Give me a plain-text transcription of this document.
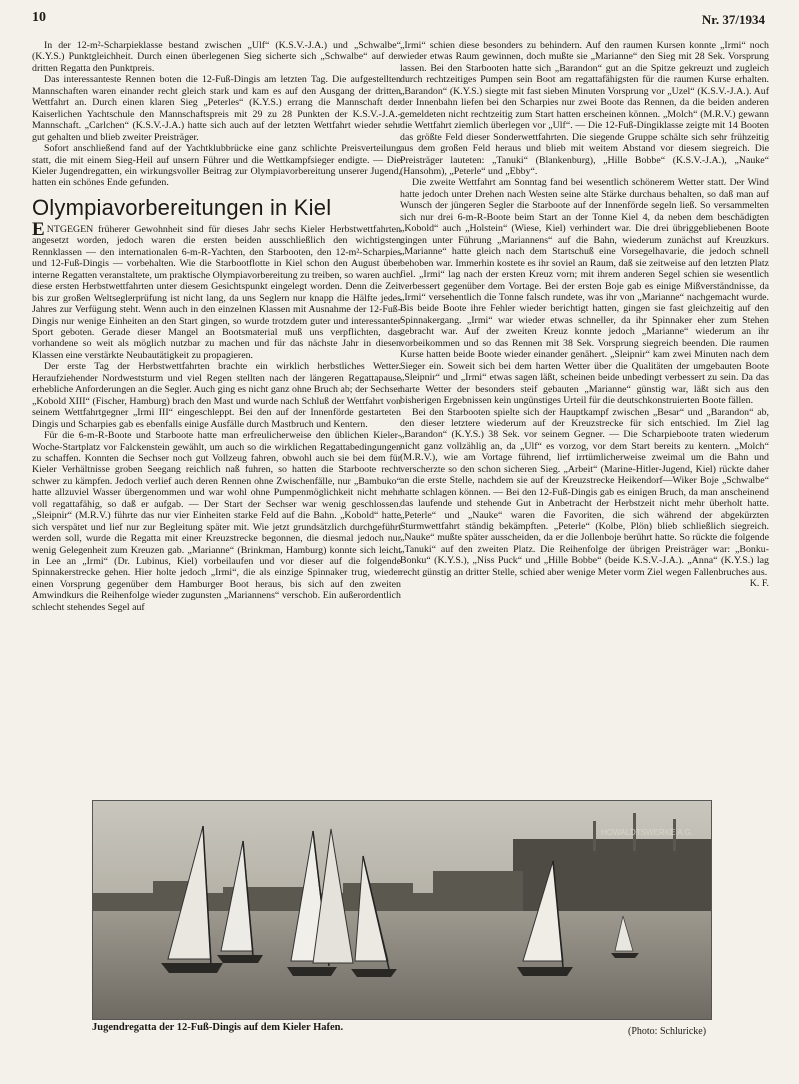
10	Nr. 37/1934

In der 12-m²-Scharpieklasse bestand zwischen „Ulf“ (K.S.V.-J.A.) und „Schwalbe“ (K.Y.S.) Punktgleichheit. Durch einen überlegenen Sieg sicherte sich „Schwalbe“ auf der dritten Regatta den Punktpreis.

Das interessanteste Rennen boten die 12-Fuß-Dingis am letzten Tag. Die aufgestellten Mannschaften waren einander recht gleich stark und kam es auf den Ausgang der dritten Wettfahrt an. Durch einen klaren Sieg „Peterles“ (K.Y.S.) errang die Mannschaft der Kaiserlichen Yachtschule den Mannschaftspreis mit 29 zu 28 Punkten der K.S.V.-J.A.-Mannschaft. „Carlchen“ (K.S.V.-J.A.) hatte sich auch auf der letzten Wettfahrt wieder sehr gut gehalten und blieb zweiter Preisträger.

Sofort anschließend fand auf der Yachtklubbrücke eine ganz schlichte Preisverteilung statt, die mit einem Sieg-Heil auf unsern Führer und die Wettkampfsieger endigte. — Die Kieler Jugendregatten, ein wirkungsvoller Beitrag zur Olympiavorbereitung unserer Jugend, hatten ein schönes Ende gefunden.

Olympiavorbereitungen in Kiel

ENTGEGEN früherer Gewohnheit sind für dieses Jahr sechs Kieler Herbstwettfahrten angesetzt worden, jedoch waren die ersten beiden ausschließlich den wichtigsten Rennklassen — den internationalen 6-m-R-Yachten, den Starbooten, den 12-m²-Scharpies und 12-Fuß-Dingis — vorbehalten. Wie die Starbootflotte in Kiel schon den August über interne Regatten veranstaltete, um praktische Olympiavorbereitung zu treiben, so waren auch diese ersten Herbstwettfahrten unter diesem Gesichtspunkt eingelegt worden. Denn die Zeit bis zur großen Weltseglerprüfung ist nicht lang, da uns Seglern nur knapp die Hälfte jedes Jahres zur Verfügung steht. Wenn auch in den einzelnen Klassen mit Ausnahme der 12-Fuß-Dingis nur wenige Einheiten an den Start gingen, so wurde trotzdem guter und interessanter Sport geboten. Gerade dieser Mangel an Bootsmaterial muß uns verpflichten, das vorhandene so weit als möglich nutzbar zu machen und für das nächste Jahr in diesen Klassen eine verstärkte Neubautätigkeit zu propagieren.

Der erste Tag der Herbstwettfahrten brachte ein wirklich herbstliches Wetter. Heraufziehender Nordweststurm und viel Regen stellten nach der längeren Regattapause erhebliche Anforderungen an die Segler. Auch ging es nicht ganz ohne Bruch ab; der Sechser „Kobold XIII“ (Fischer, Hamburg) brach den Mast und wurde nach Schluß der Wettfahrt von seinem Wettfahrtgegner „Irmi III“ eingeschleppt. Bei den auf der Innenförde gestarteten Dingis und Scharpies gab es ebenfalls einige Ausfälle durch Mastbruch und Kentern.

Für die 6-m-R-Boote und Starboote hatte man erfreulicherweise den üblichen Kieler-Woche-Startplatz vor Falckenstein gewählt, um auch so die wirklichen Regattabedingungen zu schaffen. Konnten die Sechser noch gut Vollzeug fahren, obwohl auch sie bei dem für Kieler Verhältnisse groben Seegang reichlich naß fuhren, so hatten die Starboote recht schwer zu kämpfen. Jedoch verlief auch deren Rennen ohne Zwischenfälle, nur „Bambuko“ hatte allzuviel Wasser übergenommen und war wohl ohne Pumpenmöglichkeit nicht mehr voll regattafähig, so daß er aufgab. — Der Start der Sechser war wenig geschlossen. „Sleipnir“ (M.R.V.) führte das nur vier Einheiten starke Feld auf die Bahn. „Kobold“ hatte sich verspätet und lief nur zur Begleitung später mit. Wie jetzt grundsätzlich durchgeführt werden soll, wurde die Regatta mit einer Kreuzstrecke begonnen, die diesmal jedoch nur wenig Gelegenheit zum Kreuzen gab. „Marianne“ (Brinkman, Hamburg) konnte sich leicht in Lee an „Irmi“ (Dr. Lubinus, Kiel) vorbeilaufen und vor dieser auf die folgende Spinnakerstrecke gehen. Hier holte jedoch „Irmi“, die als einzige Spinnaker trug, wieder einen Vorsprung gegenüber dem Hamburger Boot heraus, bis sich auf den zweiten Amwindkurs die Reihenfolge wieder zugunsten „Mariannens“ verschob. Ein außerordentlich schlecht stehendes Segel auf

„Irmi“ schien diese besonders zu behindern. Auf den raumen Kursen konnte „Irmi“ noch wieder etwas Raum gewinnen, doch mußte sie „Marianne“ den Sieg mit 28 Sek. Vorsprung lassen. Bei den Starbooten hatte sich „Barandon“ gut an die Spitze gekreuzt und zugleich durch rechtzeitiges Pumpen sein Boot am regattafähigsten für die raumen Kurse erhalten. „Barandon“ (K.Y.S.) siegte mit fast sieben Minuten Vorsprung vor „Uzel“ (K.S.V.-J.A.). Auf der Innenbahn liefen bei den Scharpies nur zwei Boote das Rennen, da die beiden anderen gemeldeten nicht rechtzeitig zum Start hatten erscheinen können. „Molch“ (M.R.V.) gewann die Wettfahrt ziemlich überlegen vor „Ulf“. — Die 12-Fuß-Dingiklasse zeigte mit 14 Booten das größte Feld dieser Sonderwettfahrten. Die siegende Gruppe schälte sich sehr frühzeitig aus dem großen Feld heraus und blieb mit weitem Abstand vor diesem siegreich. Die Preisträger lauteten: „Tanuki“ (Blankenburg), „Hille Bobbe“ (K.S.V.-J.A.), „Nauke“ (Hansohm), „Peterle“ und „Ebby“.

Die zweite Wettfahrt am Sonntag fand bei wesentlich schönerem Wetter statt. Der Wind hatte jedoch unter Drehen nach Westen seine alte Stärke durchaus behalten, so daß man auf Wunsch der jüngeren Segler die Starboote auf der Innenförde segeln ließ. So versammelten sich nur drei 6-m-R-Boote beim Start an der Tonne Kiel 4, da neben dem beschädigten „Kobold“ auch „Holstein“ (Wiese, Kiel) verhindert war. Die drei übriggebliebenen Boote gingen unter Führung „Mariannens“ auf die Bahn, wiederum zunächst auf Kreuzkurs. „Marianne“ hatte gleich nach dem Startschuß eine Vorsegelhavarie, die jedoch schnell behoben war. Immerhin kostete es ihr soviel an Raum, daß sie zeitweise auf den letzten Platz fiel. „Irmi“ lag nach der ersten Kreuz vorn; mit ihrem anderen Segel schien sie wesentlich verbessert gegenüber dem Vortage. Bei der ersten Boje gab es einige Mißverständnisse, da „Irmi“ versehentlich die Tonne falsch rundete, was ihr von „Marianne“ nachgemacht wurde. Bis beide Boote ihre Fehler wieder berichtigt hatten, gingen sie fast gleichzeitig auf den Spinnakergang. „Irmi“ war wieder etwas schneller, da ihr Spinnaker eher zum Stehen gebracht war. Auf der zweiten Kreuz konnte jedoch „Marianne“ wiederum an ihr vorbeikommen und so das Rennen mit 38 Sek. Vorsprung siegreich beenden. Die raumen Kurse hatten beide Boote wieder einander genähert. „Sleipnir“ kam zwei Minuten nach dem Sieger ein. Soweit sich bei dem harten Wetter über die Qualitäten der umgebauten Boote „Sleipnir“ und „Irmi“ etwas sagen läßt, scheinen beide unbedingt verbessert zu sein. Da das harte Wetter der besonders steif gebauten „Marianne“ günstig war, läßt sich aus den bisherigen Ergebnissen kein ungünstiges Urteil für die deutschkonstruierten Boote fällen.

Bei den Starbooten spielte sich der Hauptkampf zwischen „Besar“ und „Barandon“ ab, den dieser letztere wiederum auf der Kreuzstrecke für sich entschied. Im Ziel lag „Barandon“ (K.Y.S.) 38 Sek. vor seinem Gegner. — Die Scharpieboote traten wiederum nicht ganz vollzählig an, da „Ulf“ es vorzog, vor dem Start bereits zu kentern. „Molch“ (M.R.V.), wie am Vortage führend, lief irrtümlicherweise zweimal um die Bahn und verscherzte so den schon sicheren Sieg. „Arbeit“ (Marine-Hitler-Jugend, Kiel) rückte daher an die erste Stelle, nachdem sie auf der Kreuzstrecke Heikendorf—Wiker Boje „Schwalbe“ hatte schlagen können. — Bei den 12-Fuß-Dingis gab es einigen Bruch, da man anscheinend das laufende und stehende Gut in Anbetracht der Herbstzeit nicht mehr überholt hatte. „Peterle“ und „Nauke“ waren die Favoriten, die sich während der abgekürzten Sturmwettfahrt ständig bekämpften. „Peterle“ (Kolbe, Plön) blieb schließlich siegreich. „Nauke“ mußte später ausscheiden, da er die Jollenboje berührt hatte. So rückte die folgende „Tanuki“ auf den zweiten Platz. Die Reihenfolge der übrigen Preisträger war: „Bonku-Bonku“ (K.Y.S.), „Niss Puck“ und „Hille Bobbe“ (beide K.S.V.-J.A.). „Anna“ (K.Y.S.) lag recht günstig an dritter Stelle, schied aber wenige Meter vorm Ziel wegen Fallenbruches aus.

K. F.

HOWALDTSWERKE A.G.
Jugendregatta der 12-Fuß-Dingis auf dem Kieler Hafen.	(Photo: Schluricke)
